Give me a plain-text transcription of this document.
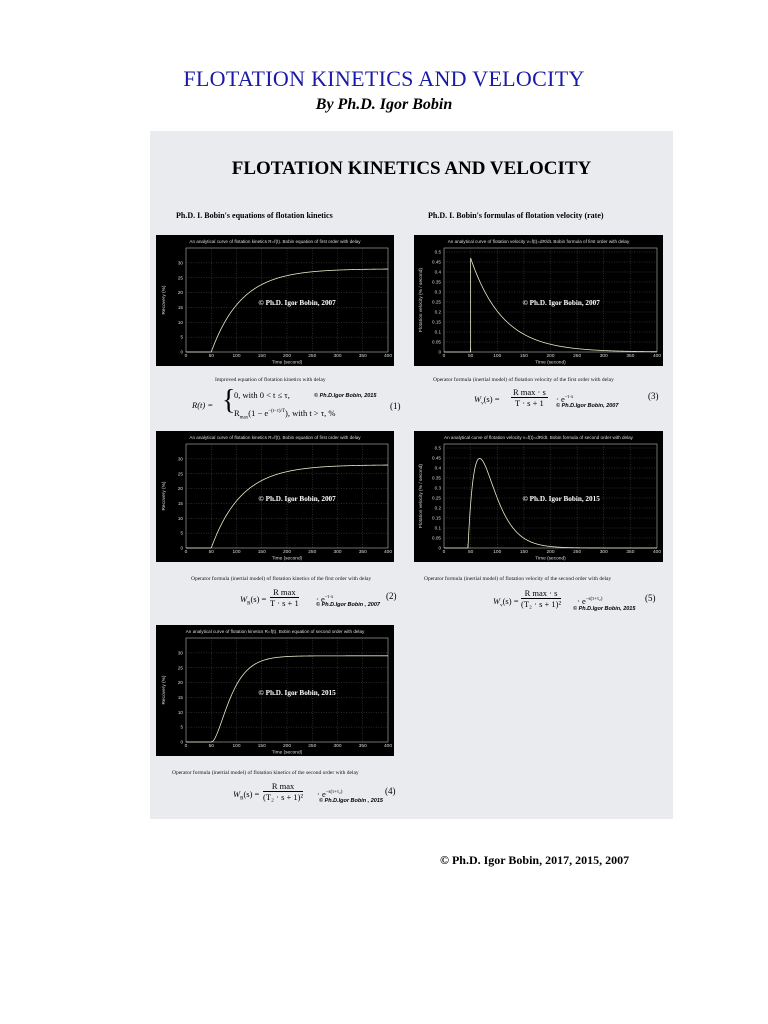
FLOTATION KINETICS AND VELOCITY
By Ph.D. Igor Bobin
FLOTATION KINETICS AND VELOCITY
Ph.D. I. Bobin's equations of flotation kinetics	Ph.D. I. Bobin's formulas of flotation velocity (rate)
An analytical curve of flotation kinetics R=f(t). Bobin equation of first order with delay
0	50	100	150	200	250	300	350	400
0
5
10
15
20
25
30
Time (second)
Recovery (%)	© Ph.D. Igor Bobin, 2007
An analytical curve of flotation velocity v=f(t)=dR/dt. Bobin formula of first order with delay
0	50	100	150	200	250	300	350	400
0
0.05
0.1
0.15
0.2
0.25
0.3
0.35
0.4
0.45
0.5
Time (second)
Flotation velocity (% / second)	© Ph.D. Igor Bobin, 2007
An analytical curve of flotation kinetics R=f(t). Bobin equation of first order with delay
0	50	100	150	200	250	300	350	400
0
5
10
15
20
25
30
Time (second)
Recovery (%)	© Ph.D. Igor Bobin, 2007
An analytical curve of flotation velocity v=f(t)=dR/dt. Bobin formula of second order with delay
0	50	100	150	200	250	300	350	400
0
0.05
0.1
0.15
0.2
0.25
0.3
0.35
0.4
0.45
0.5
Time (second)
Flotation velocity (% / second)	© Ph.D. Igor Bobin, 2015
An analytical curve of flotation kinetics R=f(t). Bobin equation of second order with delay
0	50	100	150	200	250	300	350	400
0
5
10
15
20
25
30
Time (second)
Recovery (%)	© Ph.D. Igor Bobin, 2015
Improved equation of flotation kinetics with delay
R(t) = {
0, with 0 < t ≤ τ,	© Ph.D.Igor Bobin, 2015
$R_{max}(1 - e^{-(t-\tau)/T})$, with t > τ, %
(1)
Operator formula (inertial model) of flotation velocity of the first order with delay
$W_v(s)$ =
R max · s
T · s + 1	· $e^{-\tau\cdot s}$	(3)
© Ph.D.Igor Bobin, 2007
Operator formula (inertial model) of flotation kinetics of the first order with delay
$W_R(s)$ =
R max
$T \cdot s + 1 \cdot e^{-\tau\cdot s}$	(2)
© Ph.D.Igor Bobin , 2007
Operator formula (inertial model) of flotation velocity of the second order with delay
$W_v(s)$ =
R max · s
$(T_2 \cdot s + 1)^2 \cdot e^{-s(\tau+\tau_2)}$	(5)
© Ph.D.Igor Bobin, 2015
Operator formula (inertial model) of flotation kinetics of the second order with delay
$W_R(s)$ =
R max
$(T_2 \cdot s + 1)^2 \cdot e^{-s(\tau+\tau_2)}$	(4)
© Ph.D.Igor Bobin , 2015
© Ph.D. Igor Bobin, 2017, 2015, 2007
